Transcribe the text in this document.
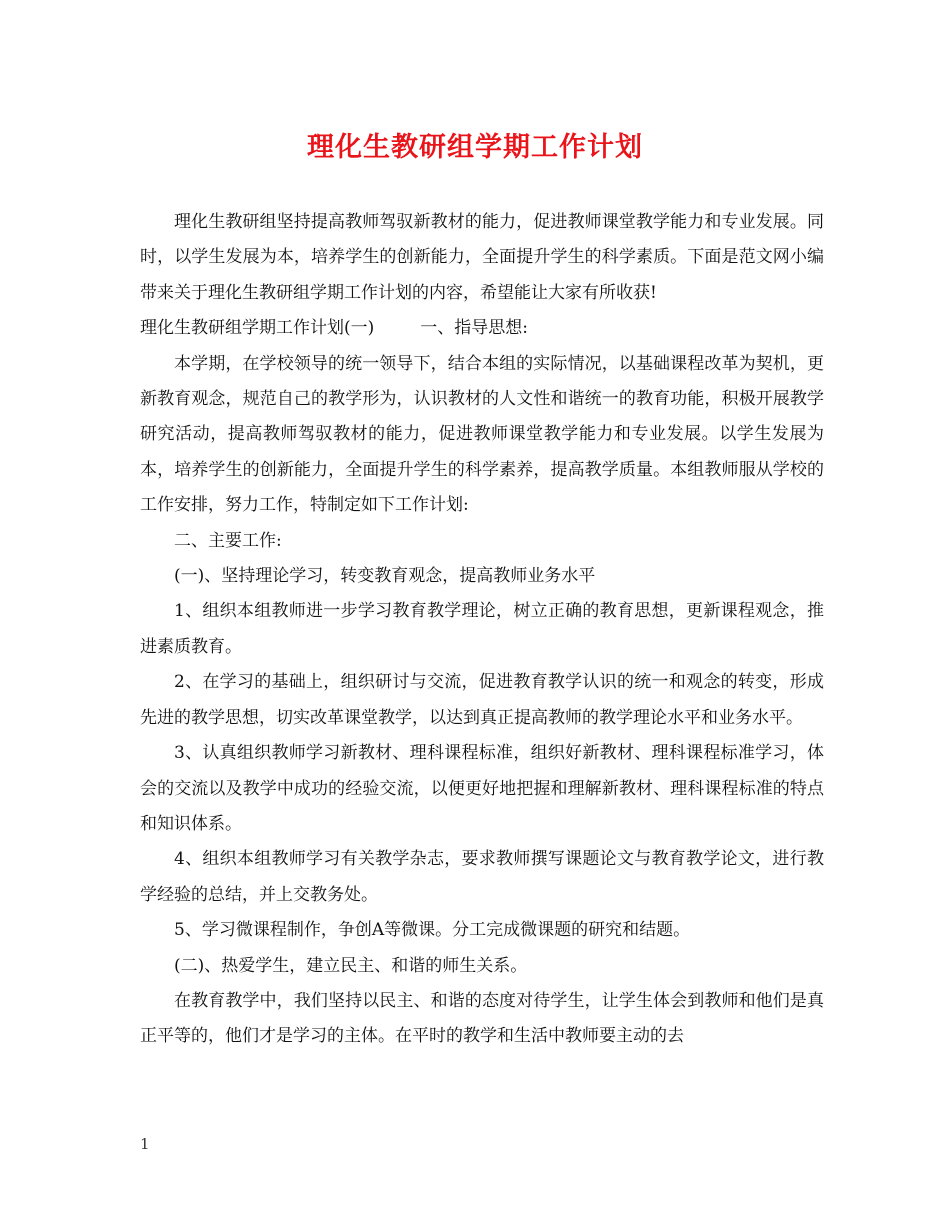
理化生教研组学期工作计划

理化生教研组坚持提高教师驾驭新教材的能力，促进教师课堂教学能力和专业发展。同时，以学生发展为本，培养学生的创新能力，全面提升学生的科学素质。下面是范文网小编带来关于理化生教研组学期工作计划的内容，希望能让大家有所收获!

理化生教研组学期工作计划(一)	一、指导思想:

本学期，在学校领导的统一领导下，结合本组的实际情况，以基础课程改革为契机，更新教育观念，规范自己的教学形为，认识教材的人文性和谐统一的教育功能，积极开展教学研究活动，提高教师驾驭教材的能力，促进教师课堂教学能力和专业发展。以学生发展为本，培养学生的创新能力，全面提升学生的科学素养，提高教学质量。本组教师服从学校的工作安排，努力工作，特制定如下工作计划:

二、主要工作:

(一)、坚持理论学习，转变教育观念，提高教师业务水平

1、组织本组教师进一步学习教育教学理论，树立正确的教育思想，更新课程观念，推进素质教育。

2、在学习的基础上，组织研讨与交流，促进教育教学认识的统一和观念的转变，形成先进的教学思想，切实改革课堂教学，以达到真正提高教师的教学理论水平和业务水平。

3、认真组织教师学习新教材、理科课程标准，组织好新教材、理科课程标准学习，体会的交流以及教学中成功的经验交流，以便更好地把握和理解新教材、理科课程标准的特点和知识体系。

4、组织本组教师学习有关教学杂志，要求教师撰写课题论文与教育教学论文，进行教学经验的总结，并上交教务处。

5、学习微课程制作，争创A等微课。分工完成微课题的研究和结题。

(二)、热爱学生，建立民主、和谐的师生关系。

在教育教学中，我们坚持以民主、和谐的态度对待学生，让学生体会到教师和他们是真正平等的，他们才是学习的主体。在平时的教学和生活中教师要主动的去

1
